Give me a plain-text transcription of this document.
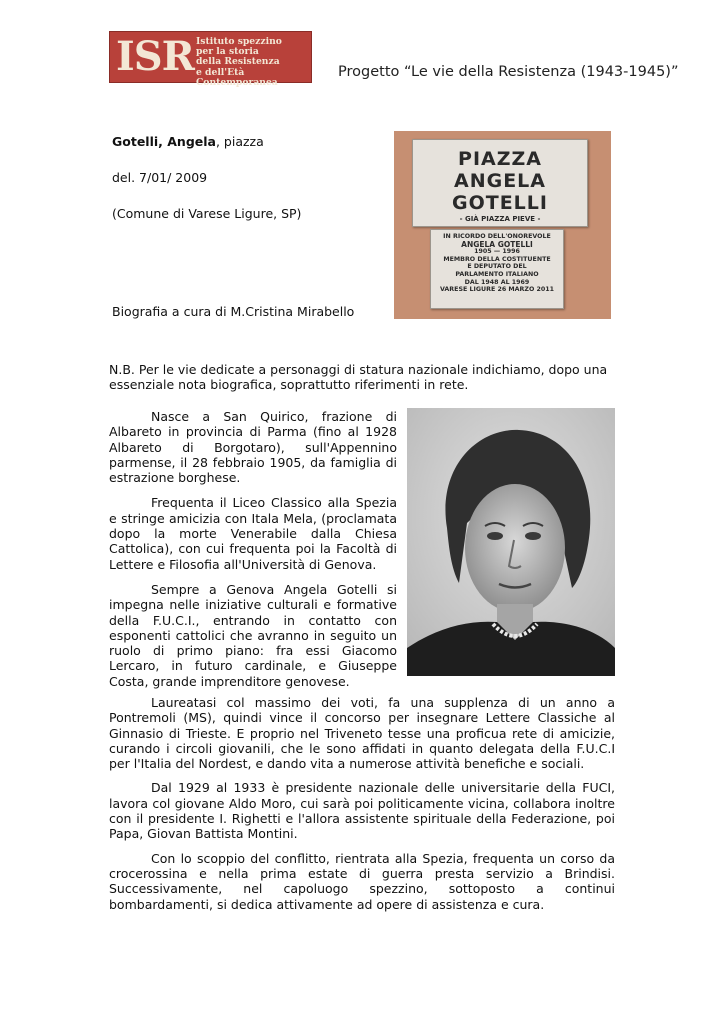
ISR Istituto spezzino
per la storia
della Resistenza
e dell'Età Contemporanea
Progetto “Le vie della Resistenza (1943-1945)”
Gotelli, Angela, piazza
del. 7/01/ 2009
(Comune di Varese Ligure, SP)
Biografia a cura di M.Cristina Mirabello
PIAZZA
ANGELA
GOTELLI
- GIÀ PIAZZA PIEVE -
IN RICORDO DELL'ONOREVOLE
ANGELA GOTELLI
1905 — 1996
MEMBRO DELLA COSTITUENTE
E DEPUTATO DEL
PARLAMENTO ITALIANO
DAL 1948 AL 1969
VARESE LIGURE 26 MARZO 2011

N.B. Per le vie dedicate a personaggi di statura nazionale indichiamo, dopo una essenziale nota biografica, soprattutto riferimenti in rete.

Nasce a San Quirico, frazione di Albareto in provincia di Parma (fino al 1928 Albareto di Borgotaro), sull'Appennino parmense, il 28 febbraio 1905, da famiglia di estrazione borghese.

Frequenta il Liceo Classico alla Spezia e stringe amicizia con Itala Mela, (proclamata dopo la morte Venerabile dalla Chiesa Cattolica), con cui frequenta poi la Facoltà di Lettere e Filosofia all'Università di Genova.

Sempre a Genova Angela Gotelli si impegna nelle iniziative culturali e formative della F.U.C.I., entrando in contatto con esponenti cattolici che avranno in seguito un ruolo di primo piano: fra essi Giacomo Lercaro, in futuro cardinale, e Giuseppe Costa, grande imprenditore genovese.

Laureatasi col massimo dei voti, fa una supplenza di un anno a Pontremoli (MS), quindi vince il concorso per insegnare Lettere Classiche al Ginnasio di Trieste. E proprio nel Triveneto tesse una proficua rete di amicizie, curando i circoli giovanili, che le sono affidati in quanto delegata della F.U.C.I per l'Italia del Nordest, e dando vita a numerose attività benefiche e sociali.

Dal 1929 al 1933 è presidente nazionale delle universitarie della FUCI, lavora col giovane Aldo Moro, cui sarà poi politicamente vicina, collabora inoltre con il presidente I. Righetti e l'allora assistente spirituale della Federazione, poi Papa, Giovan Battista Montini.

Con lo scoppio del conflitto, rientrata alla Spezia, frequenta un corso da crocerossina e nella prima estate di guerra presta servizio a Brindisi. Successivamente, nel capoluogo spezzino, sottoposto a continui bombardamenti, si dedica attivamente ad opere di assistenza e cura.
